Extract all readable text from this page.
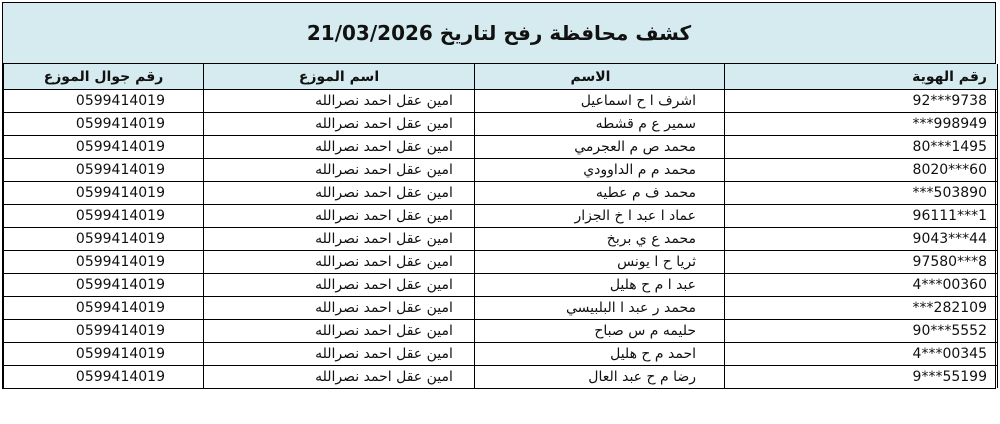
كشف محافظة رفح لتاريخ 21/03/2026
رقم الهوية	الاسم	اسم الموزع	رقم جوال الموزع
92***9738	اشرف ا ح اسماعيل	امين عقل احمد نصرالله	0599414019
***998949	سمير ع م قشطه	امين عقل احمد نصرالله	0599414019
80***1495	محمد ص م العجرمي	امين عقل احمد نصرالله	0599414019
8020***60	محمد م م الداوودي	امين عقل احمد نصرالله	0599414019
***503890	محمد ف م عطيه	امين عقل احمد نصرالله	0599414019
96111***1	عماد ا عبد ا خ الجزار	امين عقل احمد نصرالله	0599414019
9043***44	محمد ع ي بربخ	امين عقل احمد نصرالله	0599414019
97580***8	ثريا ح ا يونس	امين عقل احمد نصرالله	0599414019
4***00360	عبد ا م ح هليل	امين عقل احمد نصرالله	0599414019
***282109	محمد ر عبد ا البلبيسي	امين عقل احمد نصرالله	0599414019
90***5552	حليمه م س صباح	امين عقل احمد نصرالله	0599414019
4***00345	احمد م ح هليل	امين عقل احمد نصرالله	0599414019
9***55199	رضا م ح عبد العال	امين عقل احمد نصرالله	0599414019
